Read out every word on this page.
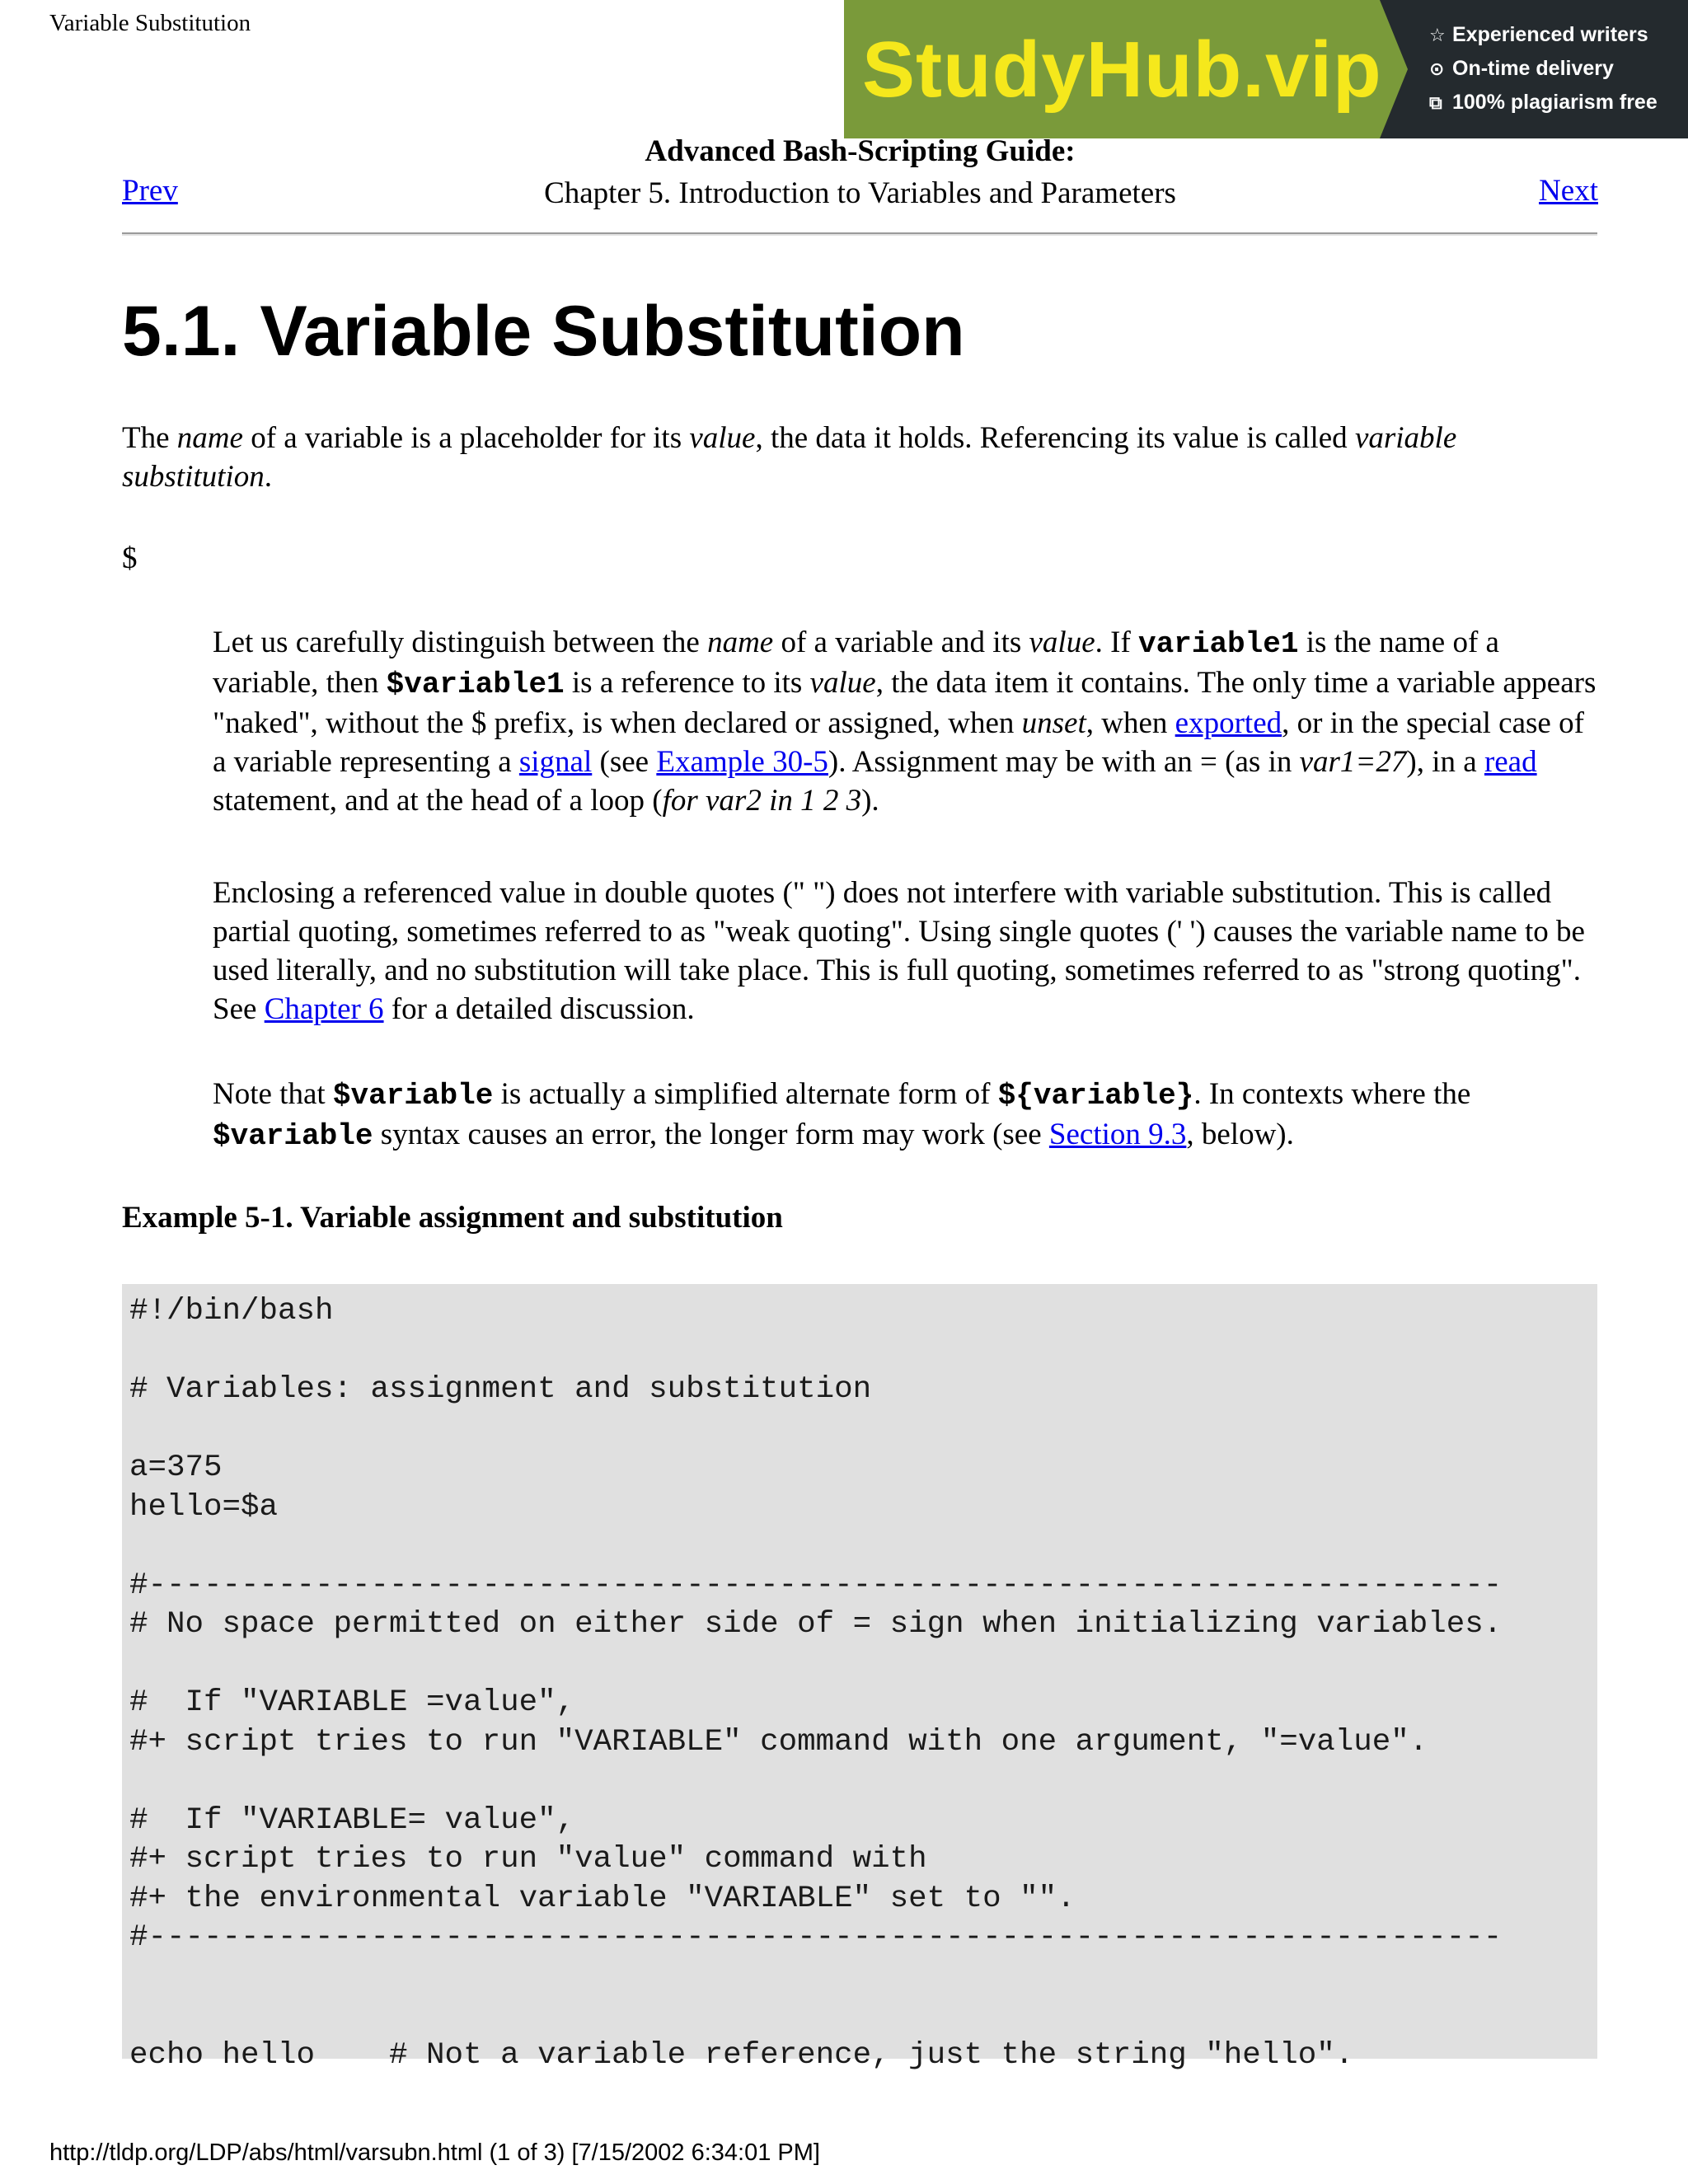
Variable Substitution
StudyHub.vip	☆ Experienced writers
⊙ On-time delivery
⧉ 100% plagiarism free
Advanced Bash-Scripting Guide:
Chapter 5. Introduction to Variables and Parameters
Prev	Next
5.1. Variable Substitution
The name of a variable is a placeholder for its value, the data it holds. Referencing its value is called variable substitution.
$
Let us carefully distinguish between the name of a variable and its value. If variable1 is the name of a variable, then $variable1 is a reference to its value, the data item it contains. The only time a variable appears "naked", without the $ prefix, is when declared or assigned, when unset, when exported, or in the special case of a variable representing a signal (see Example 30-5). Assignment may be with an = (as in var1=27), in a read statement, and at the head of a loop (for var2 in 1 2 3).
Enclosing a referenced value in double quotes (" ") does not interfere with variable substitution. This is called partial quoting, sometimes referred to as "weak quoting". Using single quotes (' ') causes the variable name to be used literally, and no substitution will take place. This is full quoting, sometimes referred to as "strong quoting". See Chapter 6 for a detailed discussion.
Note that $variable is actually a simplified alternate form of ${variable}. In contexts where the $variable syntax causes an error, the longer form may work (see Section 9.3, below).
Example 5-1. Variable assignment and substitution
#!/bin/bash

# Variables: assignment and substitution

a=375
hello=$a

#-------------------------------------------------------------------------
# No space permitted on either side of = sign when initializing variables.

#  If "VARIABLE =value",
#+ script tries to run "VARIABLE" command with one argument, "=value".

#  If "VARIABLE= value",
#+ script tries to run "value" command with
#+ the environmental variable "VARIABLE" set to "".
#-------------------------------------------------------------------------

echo hello    # Not a variable reference, just the string "hello".
http://tldp.org/LDP/abs/html/varsubn.html (1 of 3) [7/15/2002 6:34:01 PM]
